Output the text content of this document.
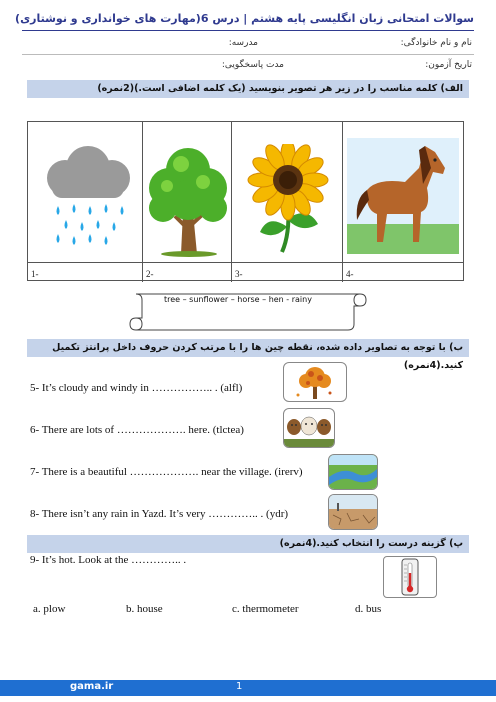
سوالات امتحانی زبان انگلیسی پایه هشتم | درس 6(مهارت های خوانداری و نوشتاری)
نام و نام خانوادگی:
مدرسه:
تاریخ آزمون:
مدت پاسخگویی:
الف) کلمه مناسب را در زیر هر تصویر بنویسید (یک کلمه اضافی است.)(2نمره)
1-	2-	3-	4-
tree – sunflower – horse – hen - rainy
ب) با توجه به تصاویر داده شده، نقطه چین ها را با مرتب کردن حروف داخل پرانتز تکمیل کنید.(4نمره)
5- It’s cloudy and windy in …………….. . (alfl)
6- There are lots of ………………. here. (tlctea)
7- There is a beautiful ………………. near the village. (irerv)
8- There isn’t any rain in Yazd. It’s very ………….. . (ydr)
پ) گزینه درست را انتخاب کنید.(4نمره)
9- It’s hot. Look at the ………….. .
a. plow	b. house	c. thermometer	d. bus
gama.ir	1
